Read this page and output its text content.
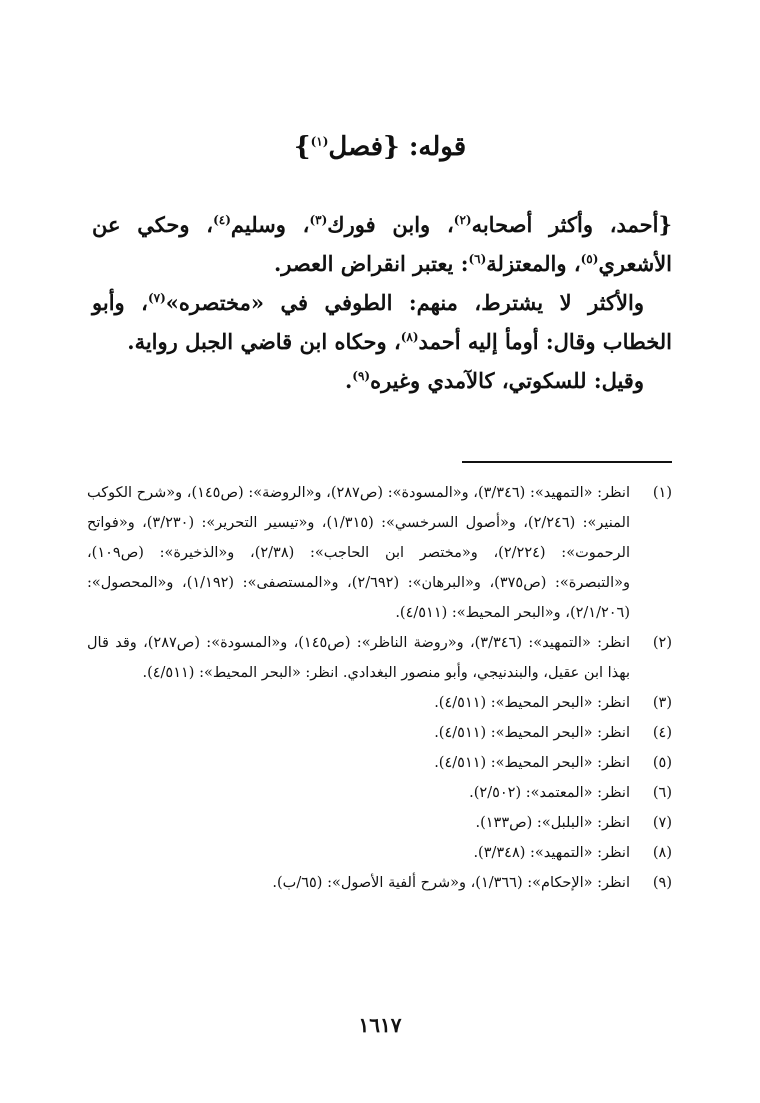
قوله: {فصل$^{(١)}$}

{أحمد، وأكثر أصحابه$^{(٢)}$، وابن فورك$^{(٣)}$، وسليم$^{(٤)}$، وحكي عن الأشعري$^{(٥)}$، والمعتزلة$^{(٦)}$: يعتبر انقراض العصر.

والأكثر لا يشترط، منهم: الطوفي في «مختصره»$^{(٧)}$، وأبو الخطاب وقال: أومأ إليه أحمد$^{(٨)}$، وحكاه ابن قاضي الجبل رواية.

وقيل: للسكوتي، كالآمدي وغيره$^{(٩)}$.

(١)
انظر: «التمهيد»: (٣/٣٤٦)، و«المسودة»: (ص٢٨٧)، و«الروضة»: (ص١٤٥)، و«شرح الكوكب المنير»: (٢/٢٤٦)، و«أصول السرخسي»: (١/٣١٥)، و«تيسير التحرير»: (٣/٢٣٠)، و«فواتح الرحموت»: (٢/٢٢٤)، و«مختصر ابن الحاجب»: (٢/٣٨)، و«الذخيرة»: (ص١٠٩)، و«التبصرة»: (ص٣٧٥)، و«البرهان»: (٢/٦٩٢)، و«المستصفى»: (١/١٩٢)، و«المحصول»: (٢/١/٢٠٦)، و«البحر المحيط»: (٤/٥١١).
(٢)
انظر: «التمهيد»: (٣/٣٤٦)، و«روضة الناظر»: (ص١٤٥)، و«المسودة»: (ص٢٨٧)، وقد قال بهذا ابن عقيل، والبندنيجي، وأبو منصور البغدادي. انظر: «البحر المحيط»: (٤/٥١١).
(٣)
انظر: «البحر المحيط»: (٤/٥١١).
(٤)
انظر: «البحر المحيط»: (٤/٥١١).
(٥)
انظر: «البحر المحيط»: (٤/٥١١).
(٦)
انظر: «المعتمد»: (٢/٥٠٢).
(٧)
انظر: «البلبل»: (ص١٣٣).
(٨)
انظر: «التمهيد»: (٣/٣٤٨).
(٩)
انظر: «الإحكام»: (١/٣٦٦)، و«شرح ألفية الأصول»: (٦٥/ب).
١٦١٧
